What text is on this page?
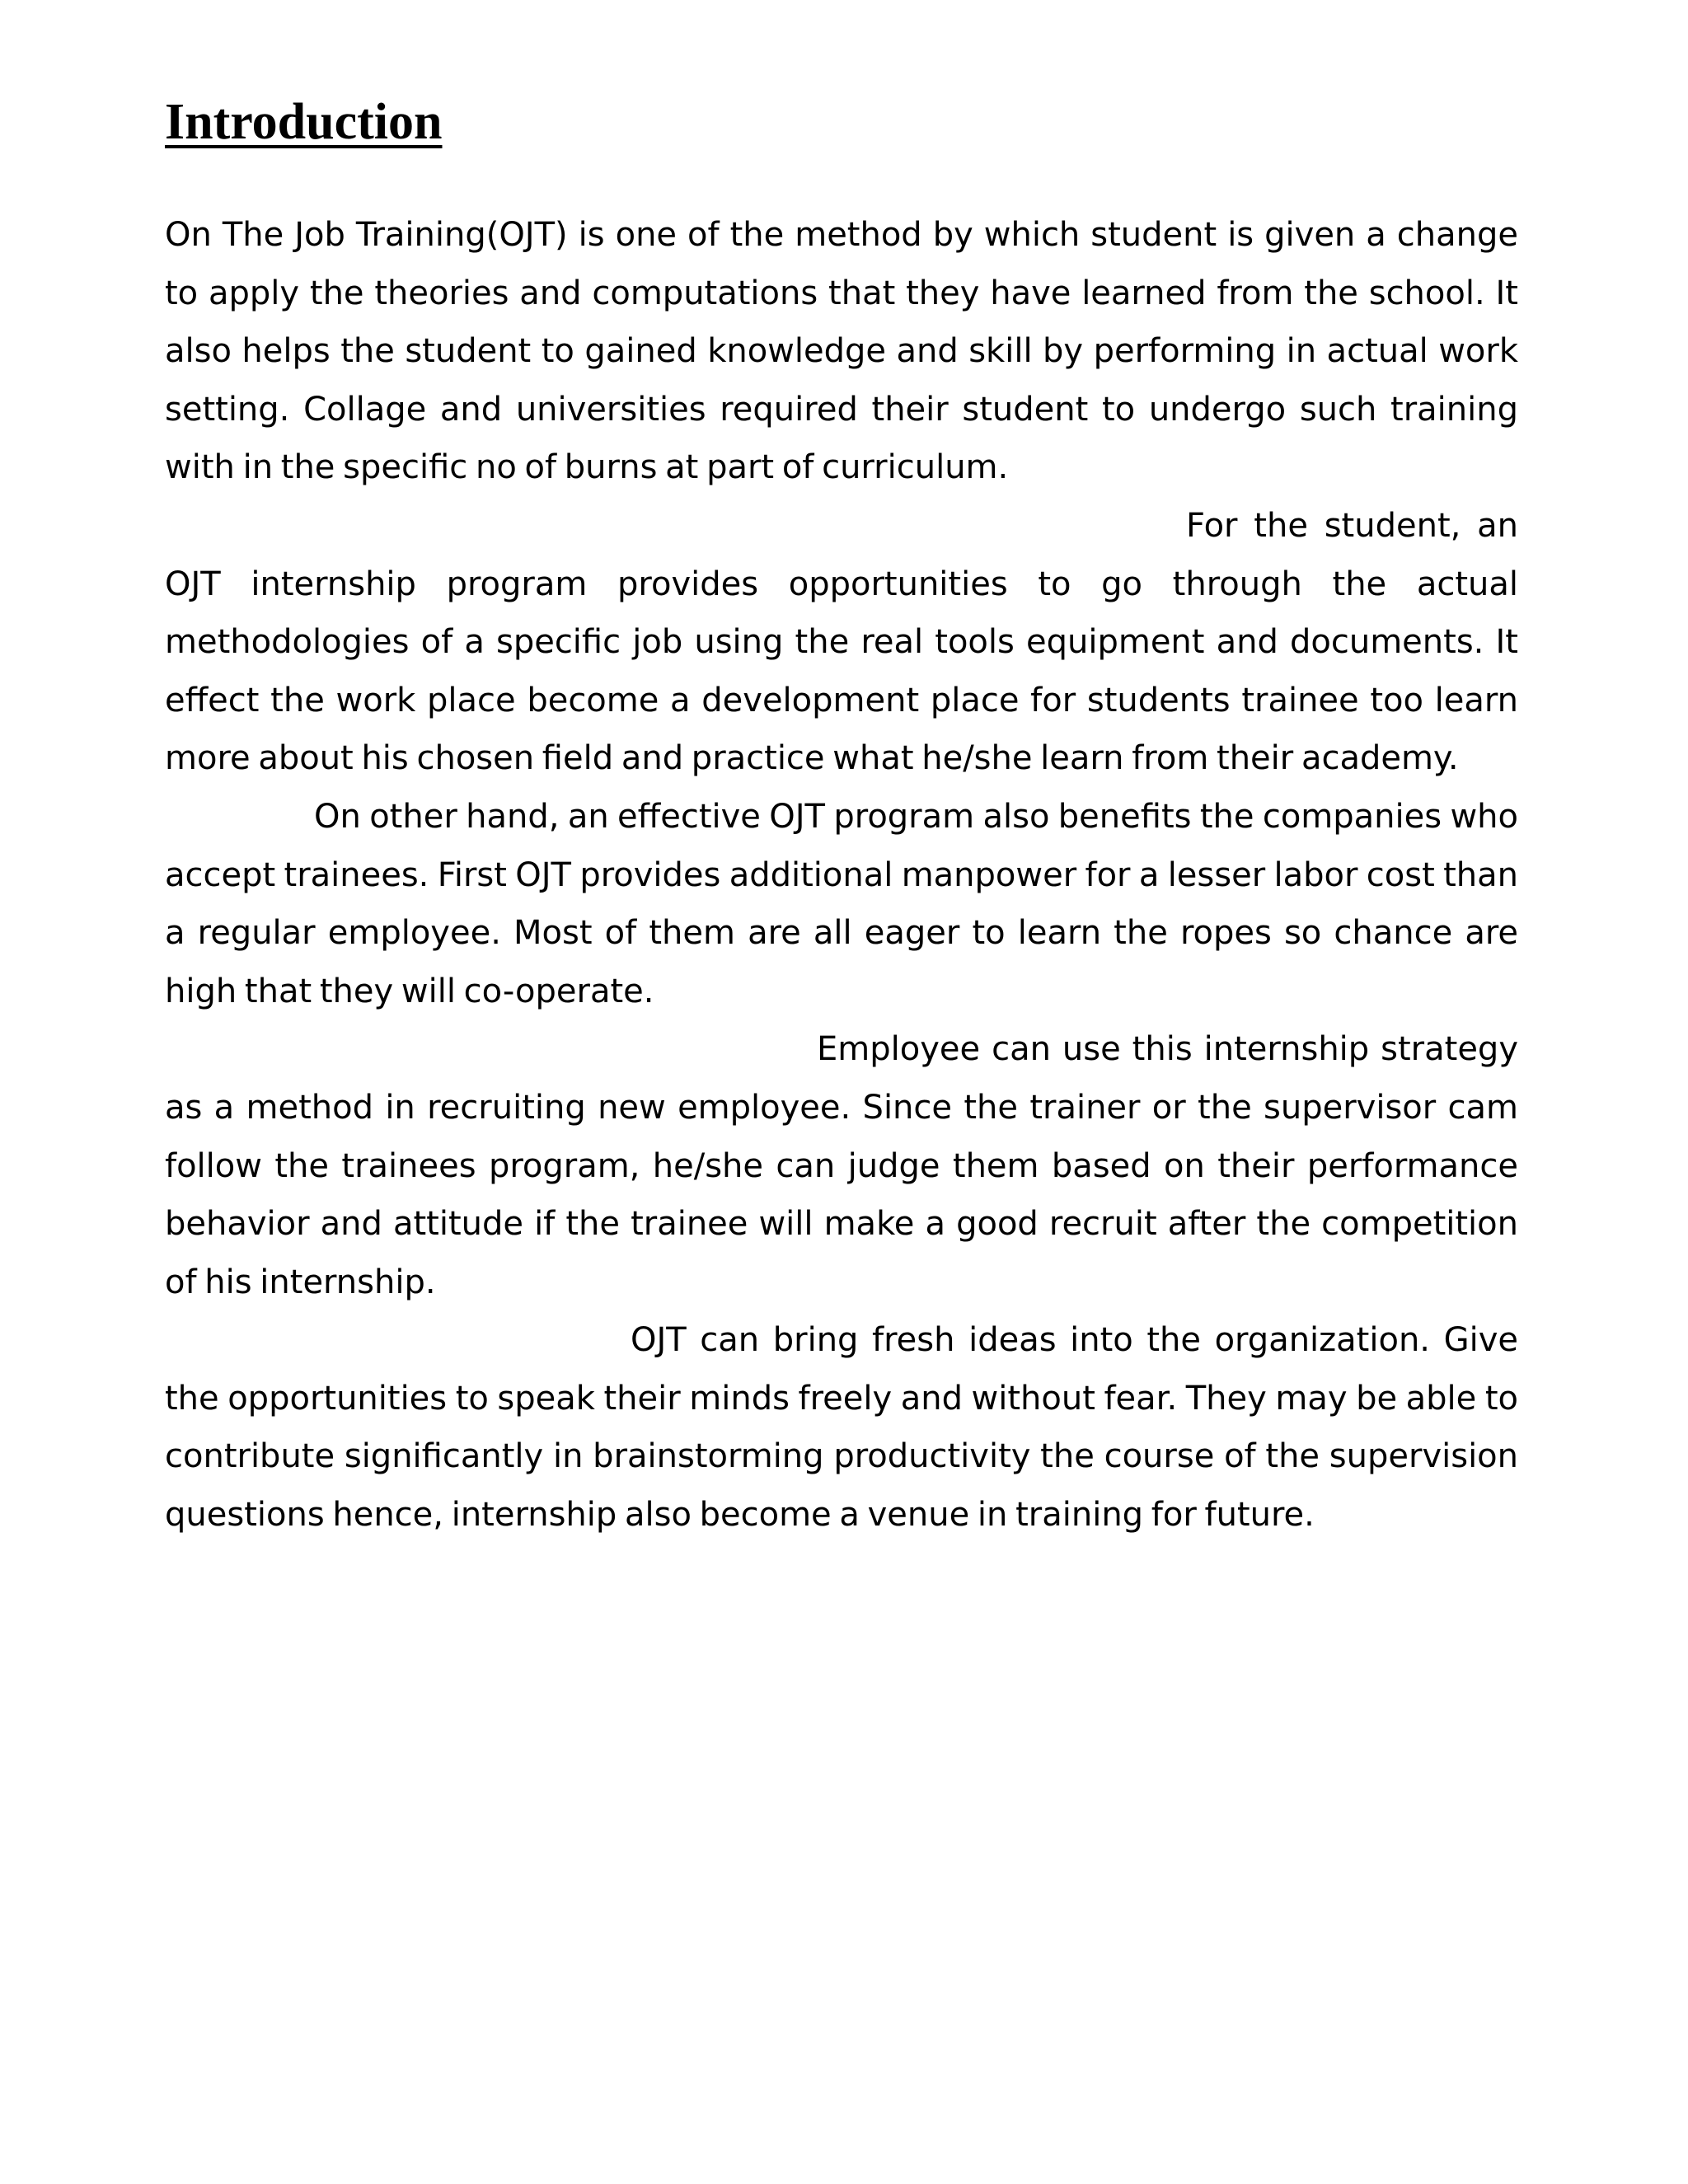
Introduction

On The Job Training(OJT) is one of the method by which student is given a change to apply the theories and computations that they have learned from the school. It also helps the student to gained knowledge and skill by performing in actual work setting. Collage and universities required their student to undergo such training with in the specific no of burns at part of curriculum.

For the student, an OJT internship program provides opportunities to go through the actual methodologies of a specific job using the real tools equipment and documents. It effect the work place become a development place for students trainee too learn more about his chosen field and practice what he/she learn from their academy.

On other hand, an effective OJT program also benefits the companies who accept trainees. First OJT provides additional manpower for a lesser labor cost than a regular employee. Most of them are all eager to learn the ropes so chance are high that they will co-operate.

Employee can use this internship strategy as a method in recruiting new employee. Since the trainer or the supervisor cam follow the trainees program, he/she can judge them based on their performance behavior and attitude if the trainee will make a good recruit after the competition of his internship.

OJT can bring fresh ideas into the organization. Give the opportunities to speak their minds freely and without fear. They may be able to contribute significantly in brainstorming productivity the course of the supervision questions hence, internship also become a venue in training for future.
